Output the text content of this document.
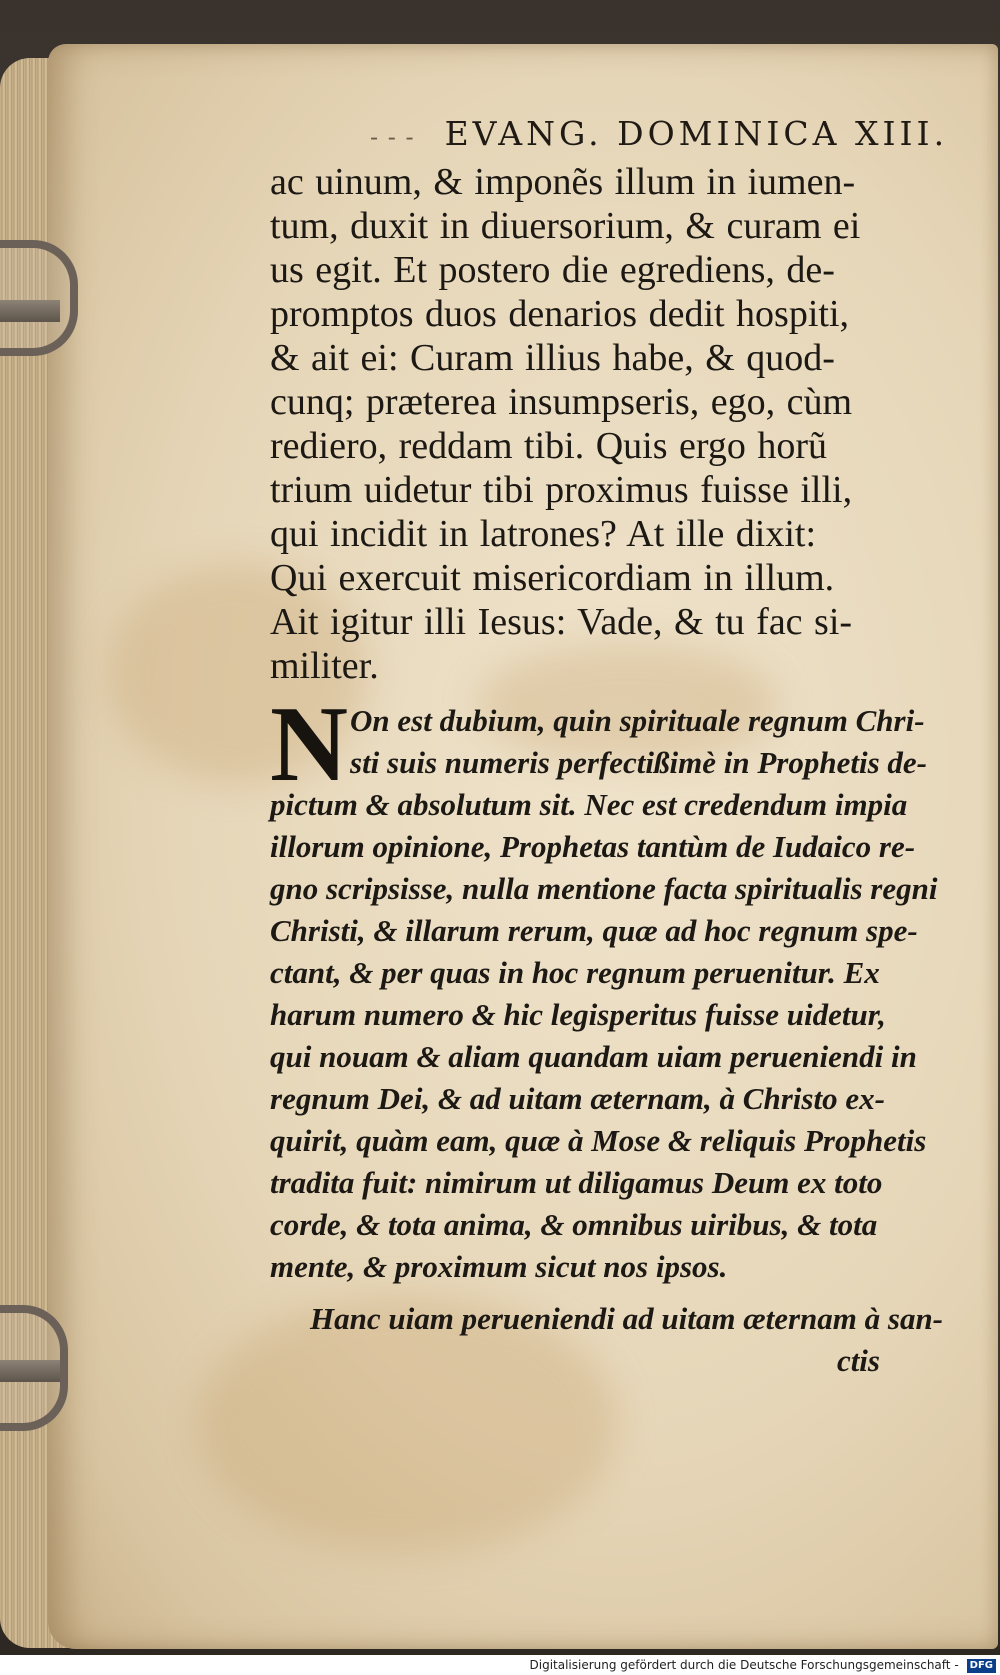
- - - EVANG. DOMINICA XIII.
ac uinum, & imponẽs illum in iumen-
tum, duxit in diuersorium, & curam ei
us egit. Et postero die egrediens, de-
promptos duos denarios dedit hospiti,
& ait ei: Curam illius habe, & quod-
cunq; præterea insumpseris, ego, cùm
rediero, reddam tibi. Quis ergo horũ
trium uidetur tibi proximus fuisse illi,
qui incidit in latrones? At ille dixit:
Qui exercuit misericordiam in illum.
Ait igitur illi Iesus: Vade, & tu fac si-
militer.
N On est dubium, quin spirituale regnum Chri-
sti suis numeris perfectißimè in Prophetis de-
pictum & absolutum sit. Nec est credendum impia
illorum opinione, Prophetas tantùm de Iudaico re-
gno scripsisse, nulla mentione facta spiritualis regni
Christi, & illarum rerum, quæ ad hoc regnum spe-
ctant, & per quas in hoc regnum peruenitur. Ex
harum numero & hic legisperitus fuisse uidetur,
qui nouam & aliam quandam uiam perueniendi in
regnum Dei, & ad uitam æternam, à Christo ex-
quirit, quàm eam, quæ à Mose & reliquis Prophetis
tradita fuit: nimirum ut diligamus Deum ex toto
corde, & tota anima, & omnibus uiribus, & tota
mente, & proximum sicut nos ipsos.
Hanc uiam perueniendi ad uitam æternam à san-
ctis
Digitalisierung gefördert durch die Deutsche Forschungsgemeinschaft - DFG
